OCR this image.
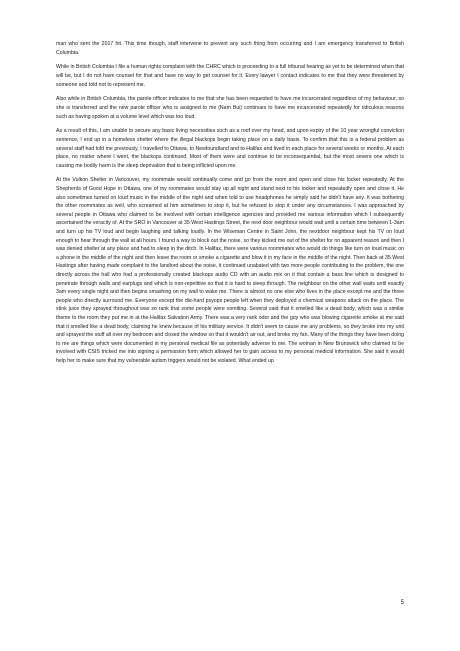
man who sent the 2017 hit. This time though, staff intervene to prevent any such thing from occurring and I am emergency transferred to British Columbia.

While in British Columbia I file a human rights complaint with the CHRC which is proceeding to a full tribunal hearing as yet to be determined when that will be, but I do not have counsel for that and have no way to get counsel for it. Every lawyer I contact indicates to me that they were threatened by someone and told not to represent me.

Also while in British Columbia, the parole officer indicates to me that she has been requested to have me incarcerated regardless of my behaviour, so she is transferred and the new parole officer who is assigned to me (Nam Bui) continues to have me incarcerated repeatedly for ridiculous reasons such as having spoken at a volume level which was too loud.

As a result of this, I am unable to secure any basic living necessities such as a roof over my head, and upon expiry of the 10 year wrongful conviction sentence, I end up in a homeless shelter where the illegal blackops begin taking place on a daily basis. To confirm that this is a federal problem as several staff had told me previously, I travelled to Ottawa, to Newfoundland and to Halifax and lived in each place for several weeks or months. At each place, no matter where I went, the blackops continued. Most of them were and continue to be inconsequential, but the most severe one which is causing me bodily harm is the sleep deprivation that is being inflicted upon me.

At the Vulkon Shelter in Vancouver, my roommate would continually come and go from the room and open and close his locker repeatedly. At the Shepherds of Good Hope in Ottawa, one of my roommates would stay up all night and stand next to his locker and repeatedly open and close it. He also sometimes turned on loud music in the middle of the night and when told to use headphones he simply said he didn't have any. It was bothering the other roommates as well, who screamed at him sometimes to stop it, but he refused to stop it under any circumstances. I was approached by several people in Ottawa who claimed to be involved with certain intelligence agencies and provided me various information which I subsequently ascertained the veracity of. At the SRO in Vancouver at 35 West Hastings Street, the next door neighbour would wait until a certain time between 1-3am and turn up his TV loud and begin laughing and talking loudly. In the Wiseman Centre in Saint John, the nextdoor neighbour kept his TV on loud enough to hear through the wall at all hours. I found a way to block out the noise, so they kicked me out of the shelter for no apparent reason and then I was denied shelter at any place and had to sleep in the ditch. In Halifax, there were various roommates who would do things like turn on loud music on a phone in the middle of the night and then leave the room or smoke a cigarette and blow it in my face in the middle of the night. Then back at 35 West Hastings after having made complaint to the landlord about the noise, it continued unabated with two more people contributing to the problem, the one directly across the hall who had a professionally created blackops audio CD with an audio mix on it that contain a bass line which is designed to penetrate through walls and earplugs and which is non-repetitive so that it is hard to sleep through. The neighbour on the other wall waits until exactly 3am every single night and then begins smashing on my wall to wake me. There is almost no one else who lives in the place except me and the three people who directly surround me. Everyone except the die-hard psyops people left when they deployed a chemical weapons attack on the place. The stink juice they sprayed throughout was so rank that some people were vomiting. Several said that it smelled like a dead body, which was a similar theme to the room they put me in at the Halifax Salvation Army. There was a very rank odor and the guy who was blowing cigarette smoke at me said that it smelled like a dead body, claiming he knew because of his military service. It didn't seem to cause me any problems, so they broke into my unit and sprayed the stuff all over my bedroom and closed the window so that it wouldn't air out, and broke my fan. Many of the things they have been doing to me are things which were documented in my personal medical file as potentially adverse to me. The woman in New Brunswick who claimed to be involved with CSIS tricked me into signing a permission form which allowed her to gain access to my personal medical information. She said it would help her to make sure that my vulnerable autism triggers would not be violated. What ended up

5
